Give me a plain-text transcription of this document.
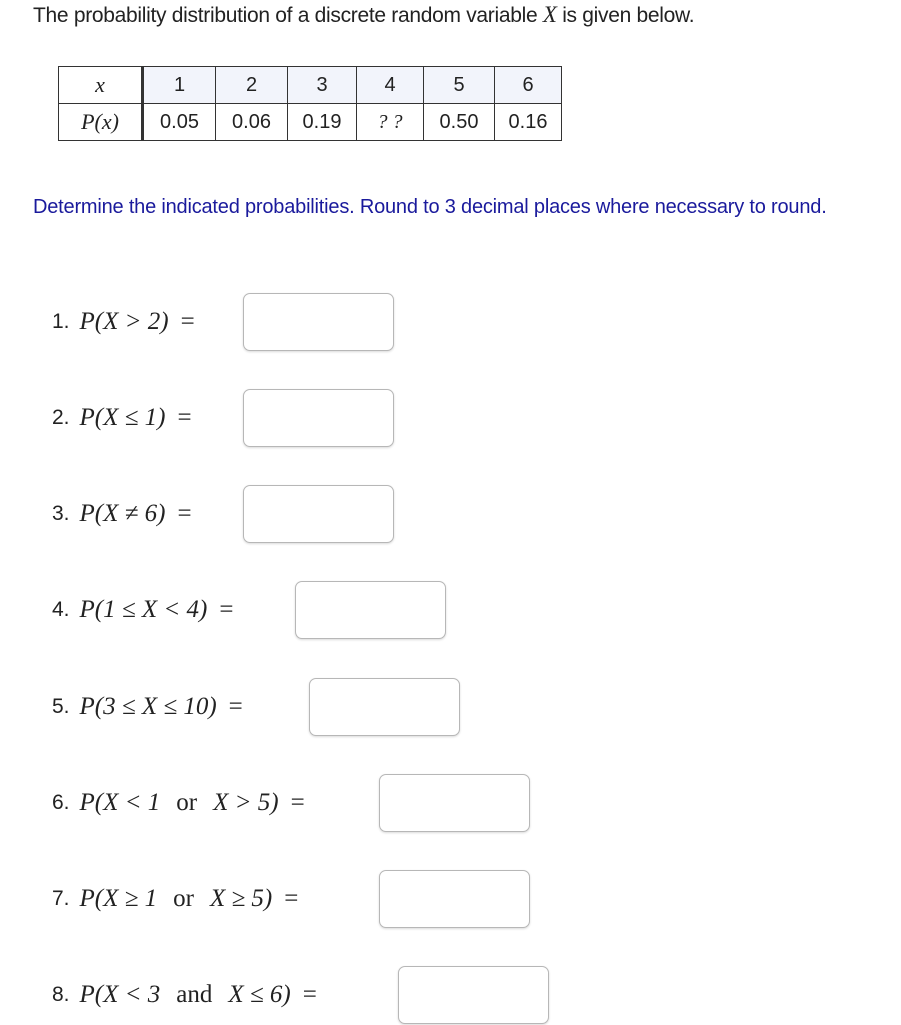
The probability distribution of a discrete random variable X is given below.
x	1	2	3	4	5	6
P(x)	0.05	0.06	0.19	? ?	0.50	0.16
Determine the indicated probabilities. Round to 3 decimal places where necessary to round.
1. P(X > 2) =
2. P(X ≤ 1) =
3. P(X ≠ 6) =
4. P(1 ≤ X < 4) =
5. P(3 ≤ X ≤ 10) =
6. P(X < 1 or X > 5) =
7. P(X ≥ 1 or X ≥ 5) =
8. P(X < 3 and X ≤ 6) =
